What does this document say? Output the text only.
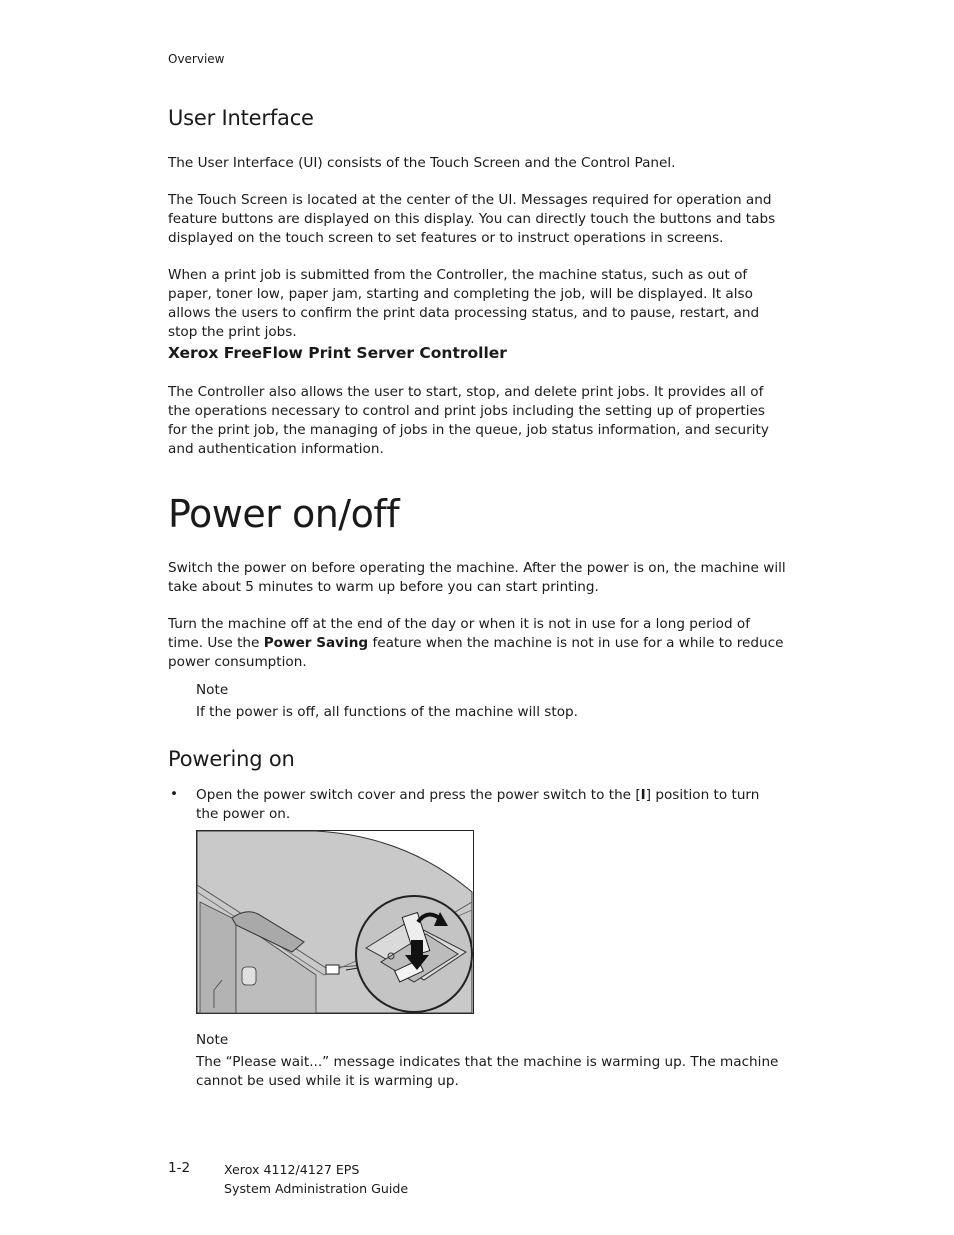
Overview

User Interface

The User Interface (UI) consists of the Touch Screen and the Control Panel.

The Touch Screen is located at the center of the UI. Messages required for operation and feature buttons are displayed on this display. You can directly touch the buttons and tabs displayed on the touch screen to set features or to instruct operations in screens.

When a print job is submitted from the Controller, the machine status, such as out of paper, toner low, paper jam, starting and completing the job, will be displayed. It also allows the users to confirm the print data processing status, and to pause, restart, and stop the print jobs.

Xerox FreeFlow Print Server Controller

The Controller also allows the user to start, stop, and delete print jobs. It provides all of the operations necessary to control and print jobs including the setting up of properties for the print job, the managing of jobs in the queue, job status information, and security and authentication information.

Power on/off

Switch the power on before operating the machine. After the power is on, the machine will take about 5 minutes to warm up before you can start printing.

Turn the machine off at the end of the day or when it is not in use for a long period of time. Use the Power Saving feature when the machine is not in use for a while to reduce power consumption.

Note

If the power is off, all functions of the machine will stop.

Powering on
• Open the power switch cover and press the power switch to the [I] position to turn the power on.

Note

The “Please wait...” message indicates that the machine is warming up. The machine cannot be used while it is warming up.

1-2	Xerox 4112/4127 EPS
System Administration Guide
